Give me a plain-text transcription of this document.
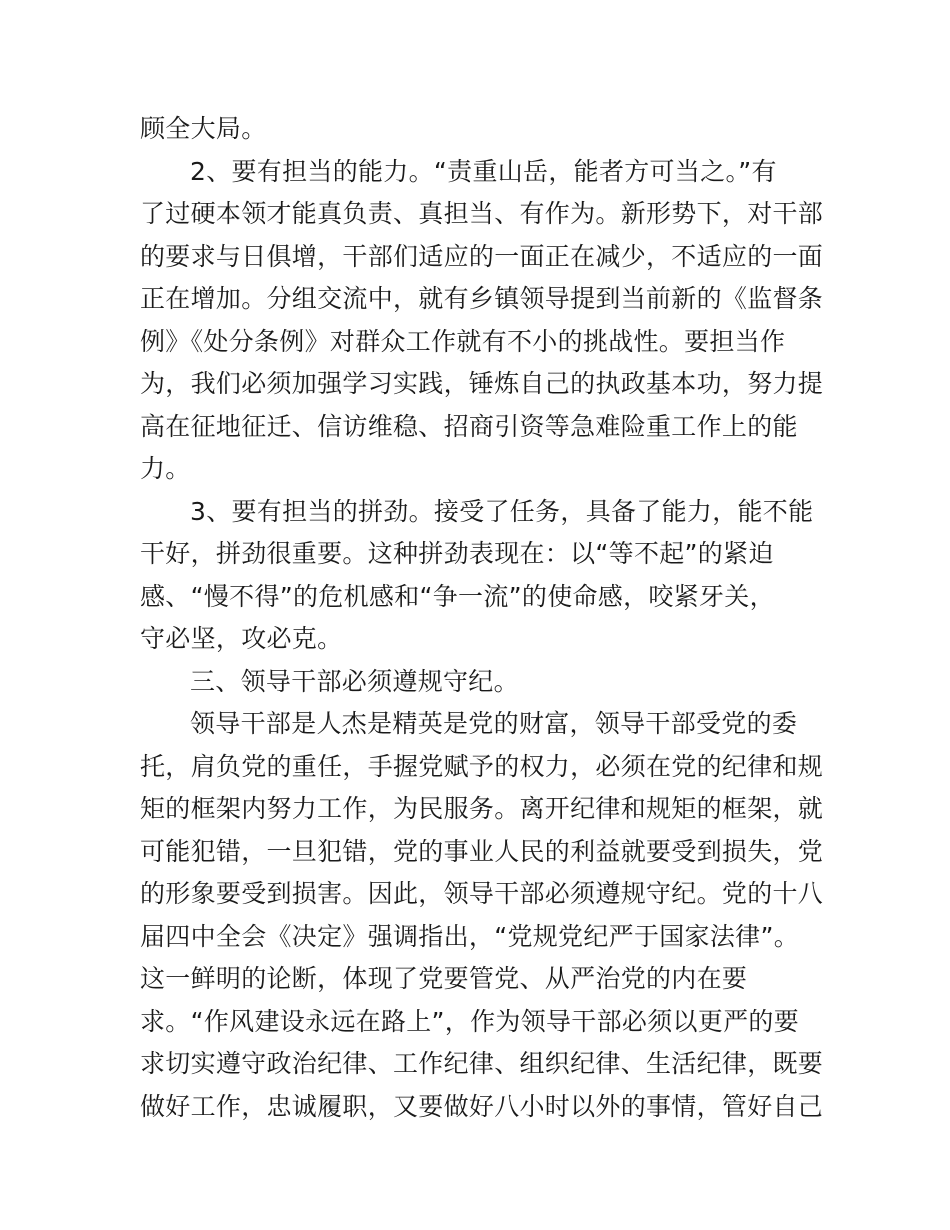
顾全大局。
2、要有担当的能力。“责重山岳，能者方可当之。”有
了过硬本领才能真负责、真担当、有作为。新形势下，对干部
的要求与日俱增，干部们适应的一面正在减少，不适应的一面
正在增加。分组交流中，就有乡镇领导提到当前新的《监督条
例》《处分条例》对群众工作就有不小的挑战性。要担当作
为，我们必须加强学习实践，锤炼自己的执政基本功，努力提
高在征地征迁、信访维稳、招商引资等急难险重工作上的能
力。
3、要有担当的拼劲。接受了任务，具备了能力，能不能
干好，拼劲很重要。这种拼劲表现在：以“等不起”的紧迫
感、“慢不得”的危机感和“争一流”的使命感，咬紧牙关，
守必坚，攻必克。
三、领导干部必须遵规守纪。
领导干部是人杰是精英是党的财富，领导干部受党的委
托，肩负党的重任，手握党赋予的权力，必须在党的纪律和规
矩的框架内努力工作，为民服务。离开纪律和规矩的框架，就
可能犯错，一旦犯错，党的事业人民的利益就要受到损失，党
的形象要受到损害。因此，领导干部必须遵规守纪。党的十八
届四中全会《决定》强调指出，“党规党纪严于国家法律”。
这一鲜明的论断，体现了党要管党、从严治党的内在要
求。“作风建设永远在路上”，作为领导干部必须以更严的要
求切实遵守政治纪律、工作纪律、组织纪律、生活纪律，既要
做好工作，忠诚履职，又要做好八小时以外的事情，管好自己
